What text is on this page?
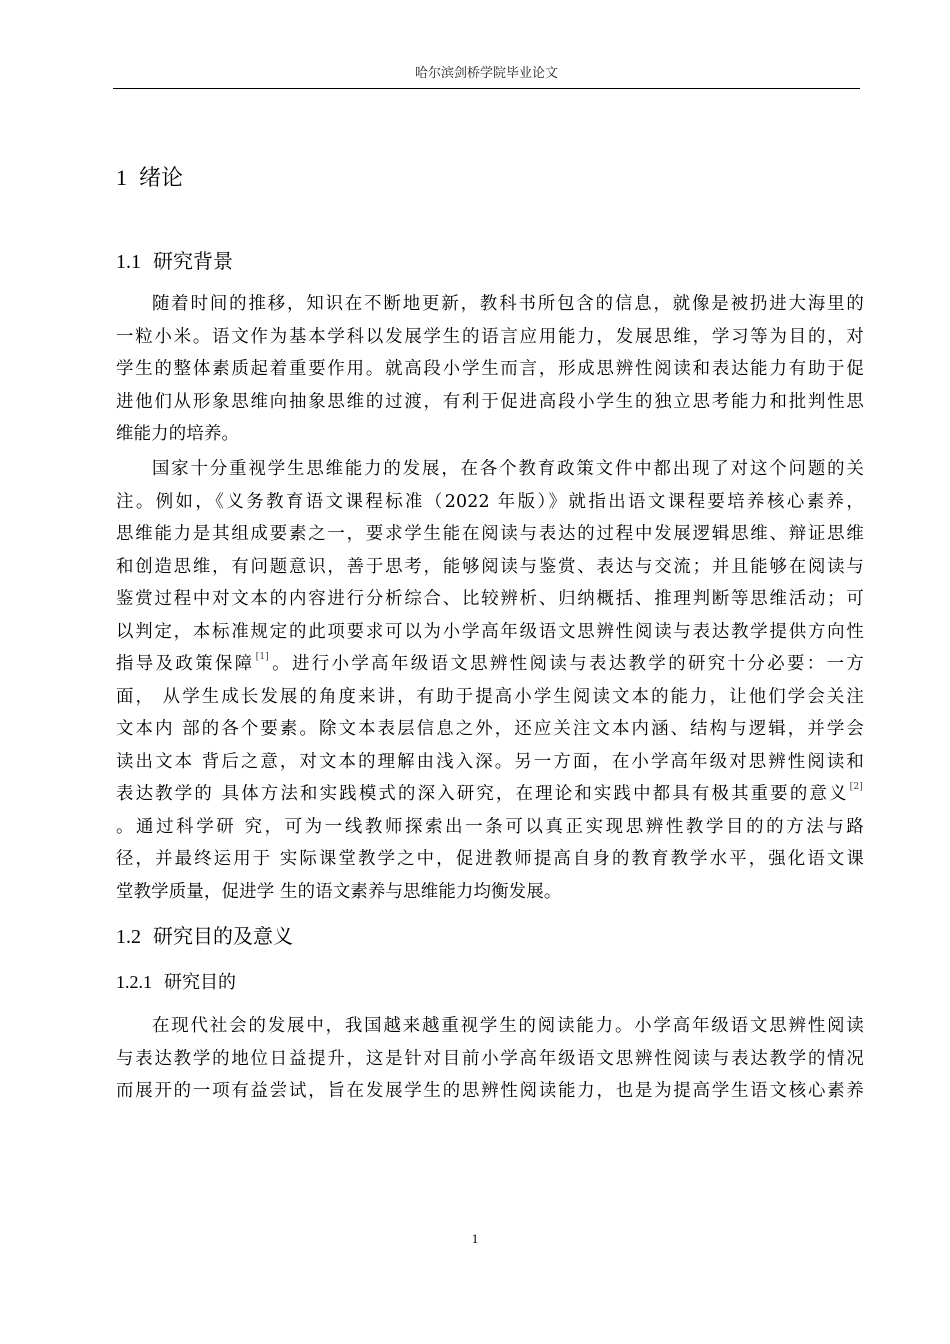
哈尔滨剑桥学院毕业论文
1 绪论
1.1 研究背景
随着时间的推移，知识在不断地更新，教科书所包含的信息，就像是被扔进大海里的
一粒小米。语文作为基本学科以发展学生的语言应用能力，发展思维，学习等为目的，对
学生的整体素质起着重要作用。就高段小学生而言，形成思辨性阅读和表达能力有助于促
进他们从形象思维向抽象思维的过渡，有利于促进高段小学生的独立思考能力和批判性思
维能力的培养。
国家十分重视学生思维能力的发展，在各个教育政策文件中都出现了对这个问题的关
注。例如，《义务教育语文课程标准（2022 年版）》就指出语文课程要培养核心素养，
思维能力是其组成要素之一，要求学生能在阅读与表达的过程中发展逻辑思维、辩证思维
和创造思维，有问题意识，善于思考，能够阅读与鉴赏、表达与交流；并且能够在阅读与
鉴赏过程中对文本的内容进行分析综合、比较辨析、归纳概括、推理判断等思维活动；可
以判定，本标准规定的此项要求可以为小学高年级语文思辨性阅读与表达教学提供方向性
指导及政策保障[1]。进行小学高年级语文思辨性阅读与表达教学的研究十分必要：一方
面， 从学生成长发展的角度来讲，有助于提高小学生阅读文本的能力，让他们学会关注
文本内 部的各个要素。除文本表层信息之外，还应关注文本内涵、结构与逻辑，并学会
读出文本 背后之意，对文本的理解由浅入深。另一方面，在小学高年级对思辨性阅读和
表达教学的 具体方法和实践模式的深入研究，在理论和实践中都具有极其重要的意义[2]
。通过科学研 究，可为一线教师探索出一条可以真正实现思辨性教学目的的方法与路
径，并最终运用于 实际课堂教学之中，促进教师提高自身的教育教学水平，强化语文课
堂教学质量，促进学 生的语文素养与思维能力均衡发展。
1.2 研究目的及意义
1.2.1 研究目的
在现代社会的发展中，我国越来越重视学生的阅读能力。小学高年级语文思辨性阅读
与表达教学的地位日益提升，这是针对目前小学高年级语文思辨性阅读与表达教学的情况
而展开的一项有益尝试，旨在发展学生的思辨性阅读能力，也是为提高学生语文核心素养
1
